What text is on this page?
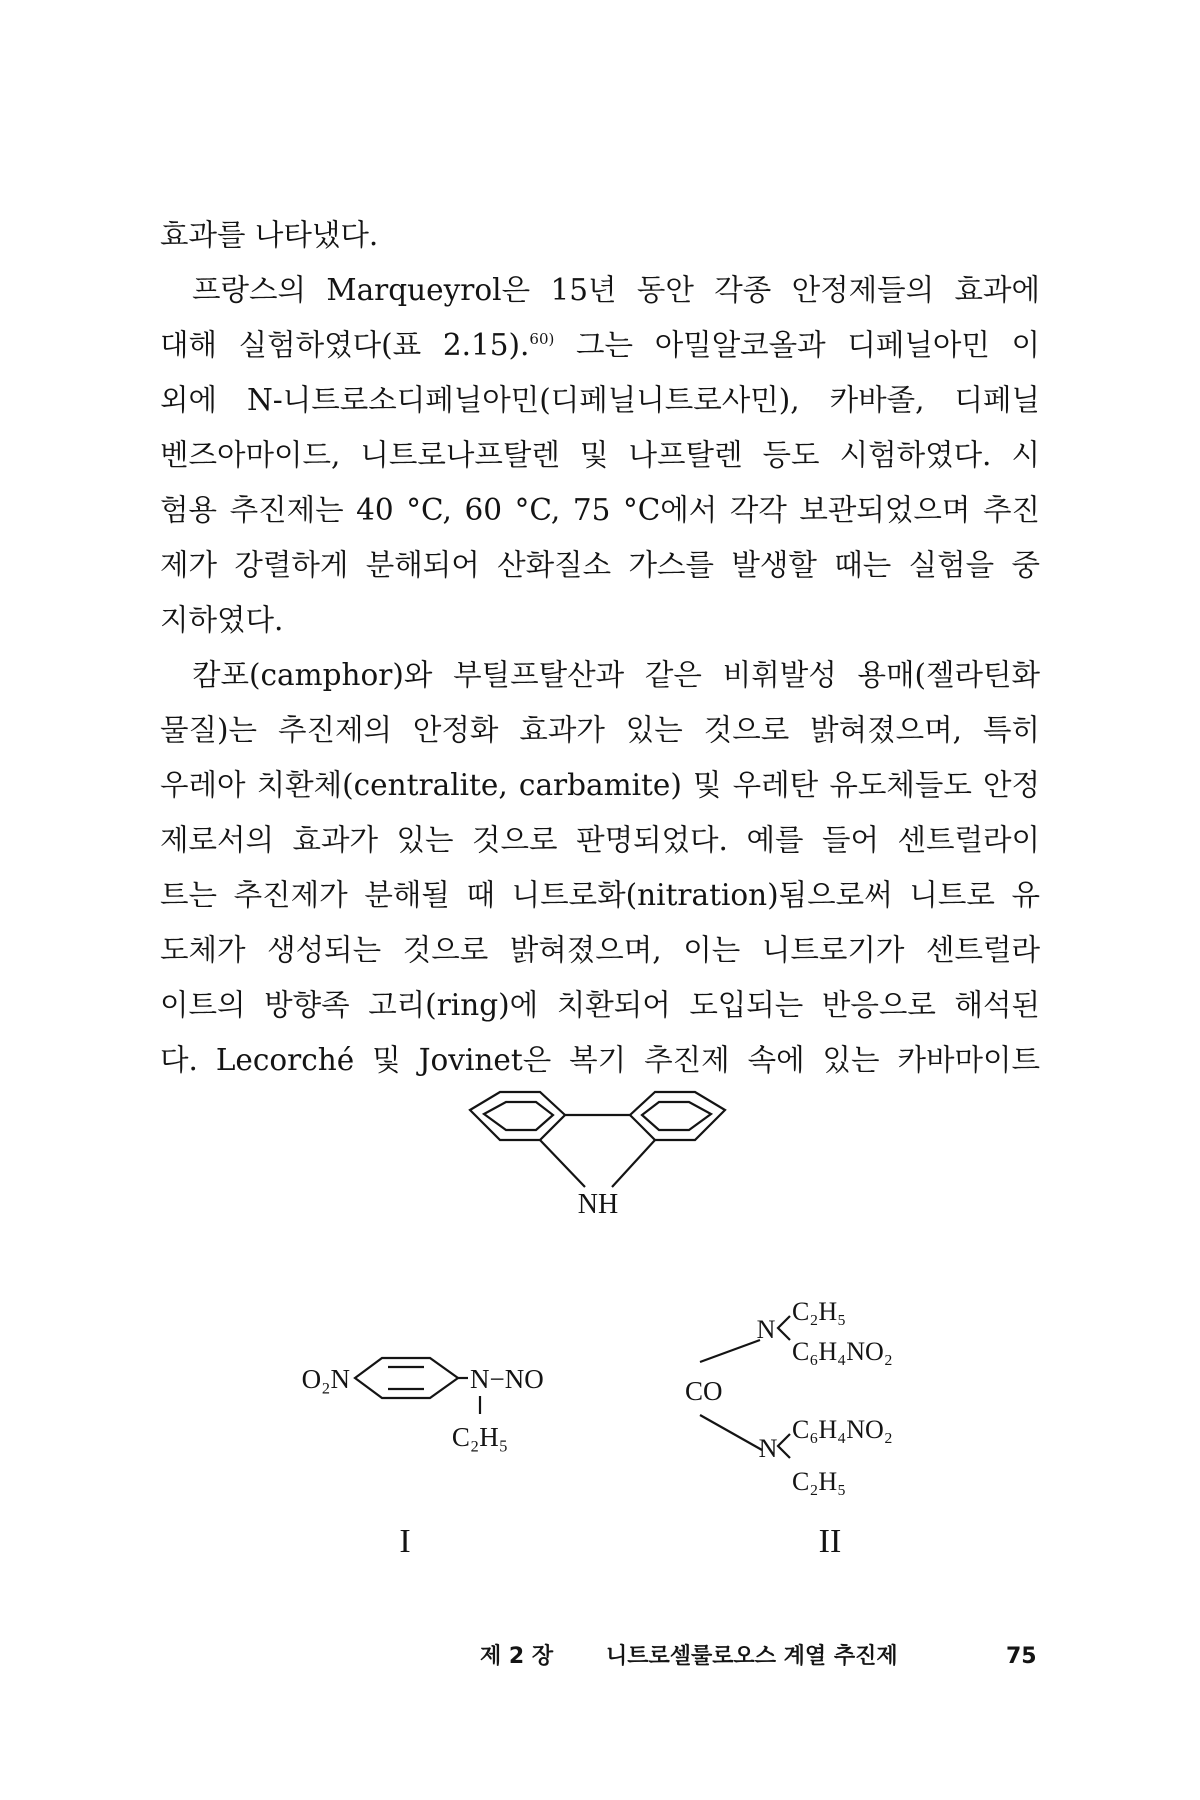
효과를 나타냈다.
프랑스의 Marqueyrol은 15년 동안 각종 안정제들의 효과에
대해 실험하였다(표 2.15).$^{60)}$ 그는 아밀알코올과 디페닐아민 이
외에 N-니트로소디페닐아민(디페닐니트로사민), 카바졸, 디페닐
벤즈아마이드, 니트로나프탈렌 및 나프탈렌 등도 시험하였다. 시
험용 추진제는 40 °C, 60 °C, 75 °C에서 각각 보관되었으며 추진
제가 강렬하게 분해되어 산화질소 가스를 발생할 때는 실험을 중
지하였다.
캄포(camphor)와 부틸프탈산과 같은 비휘발성 용매(젤라틴화
물질)는 추진제의 안정화 효과가 있는 것으로 밝혀졌으며, 특히
우레아 치환체(centralite, carbamite) 및 우레탄 유도체들도 안정
제로서의 효과가 있는 것으로 판명되었다. 예를 들어 센트럴라이
트는 추진제가 분해될 때 니트로화(nitration)됨으로써 니트로 유
도체가 생성되는 것으로 밝혀졌으며, 이는 니트로기가 센트럴라
이트의 방향족 고리(ring)에 치환되어 도입되는 반응으로 해석된
다. Lecorché 및 Jovinet은 복기 추진제 속에 있는 카바마이트
NH
O₂N	N−NO
C₂H₅
I
N
C₂H₅
C₆H₄NO₂
CO
N
C₆H₄NO₂
C₂H₅
II
제 2 장 니트로셀룰로오스 계열 추진제	75
